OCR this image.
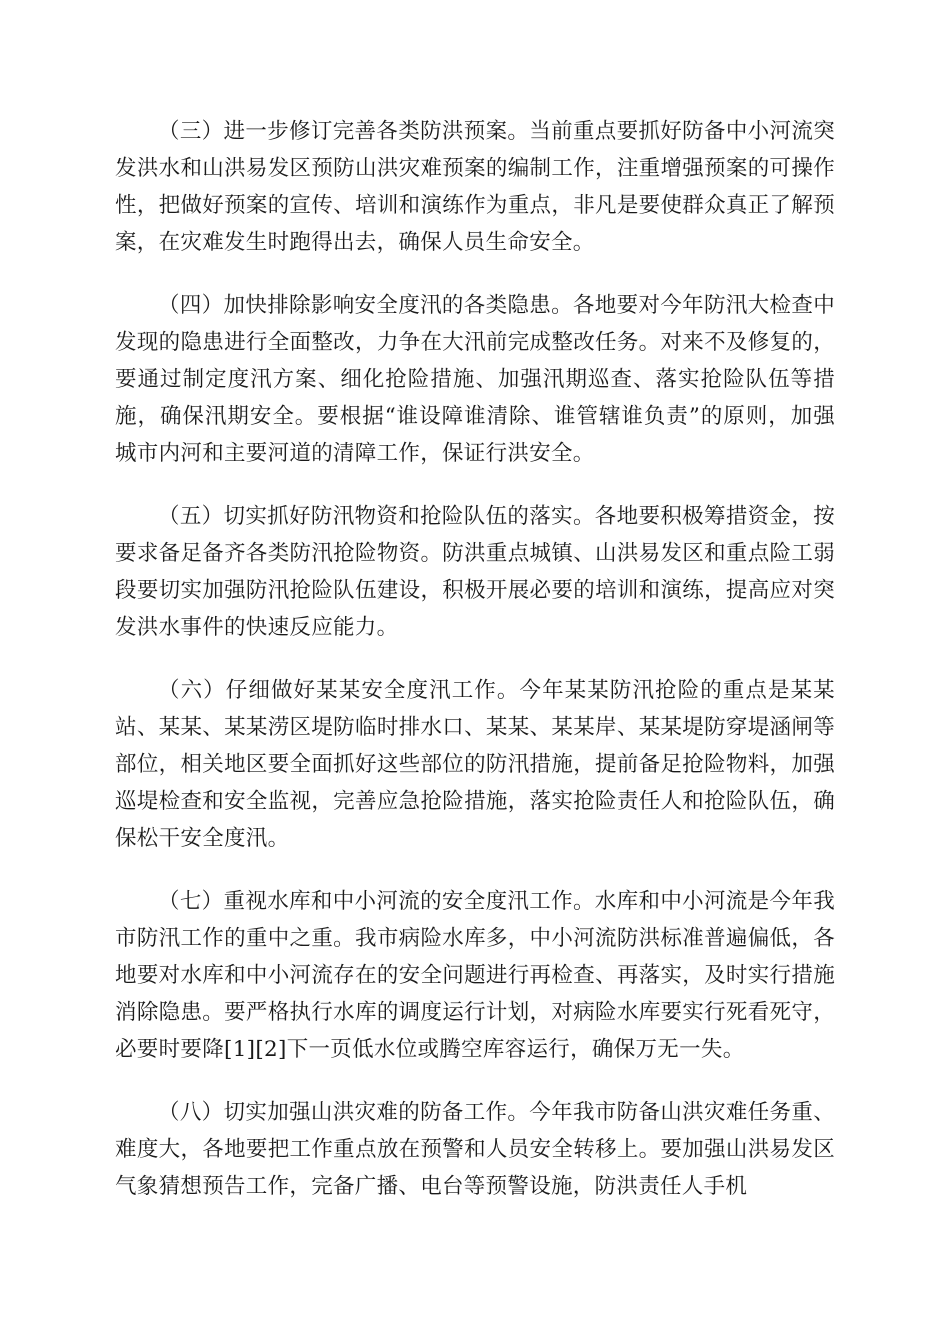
（三）进一步修订完善各类防洪预案。当前重点要抓好防备中小河流突发洪水和山洪易发区预防山洪灾难预案的编制工作，注重增强预案的可操作性，把做好预案的宣传、培训和演练作为重点，非凡是要使群众真正了解预案，在灾难发生时跑得出去，确保人员生命安全。

（四）加快排除影响安全度汛的各类隐患。各地要对今年防汛大检查中发现的隐患进行全面整改，力争在大汛前完成整改任务。对来不及修复的，要通过制定度汛方案、细化抢险措施、加强汛期巡查、落实抢险队伍等措施，确保汛期安全。要根据“谁设障谁清除、谁管辖谁负责”的原则，加强城市内河和主要河道的清障工作，保证行洪安全。

（五）切实抓好防汛物资和抢险队伍的落实。各地要积极筹措资金，按要求备足备齐各类防汛抢险物资。防洪重点城镇、山洪易发区和重点险工弱段要切实加强防汛抢险队伍建设，积极开展必要的培训和演练，提高应对突发洪水事件的快速反应能力。

（六）仔细做好某某安全度汛工作。今年某某防汛抢险的重点是某某站、某某、某某涝区堤防临时排水口、某某、某某岸、某某堤防穿堤涵闸等部位，相关地区要全面抓好这些部位的防汛措施，提前备足抢险物料，加强巡堤检查和安全监视，完善应急抢险措施，落实抢险责任人和抢险队伍，确保松干安全度汛。

（七）重视水库和中小河流的安全度汛工作。水库和中小河流是今年我市防汛工作的重中之重。我市病险水库多，中小河流防洪标准普遍偏低，各地要对水库和中小河流存在的安全问题进行再检查、再落实，及时实行措施消除隐患。要严格执行水库的调度运行计划，对病险水库要实行死看死守，必要时要降[1][2]下一页低水位或腾空库容运行，确保万无一失。

（八）切实加强山洪灾难的防备工作。今年我市防备山洪灾难任务重、难度大，各地要把工作重点放在预警和人员安全转移上。要加强山洪易发区气象猜想预告工作，完备广播、电台等预警设施，防洪责任人手机
